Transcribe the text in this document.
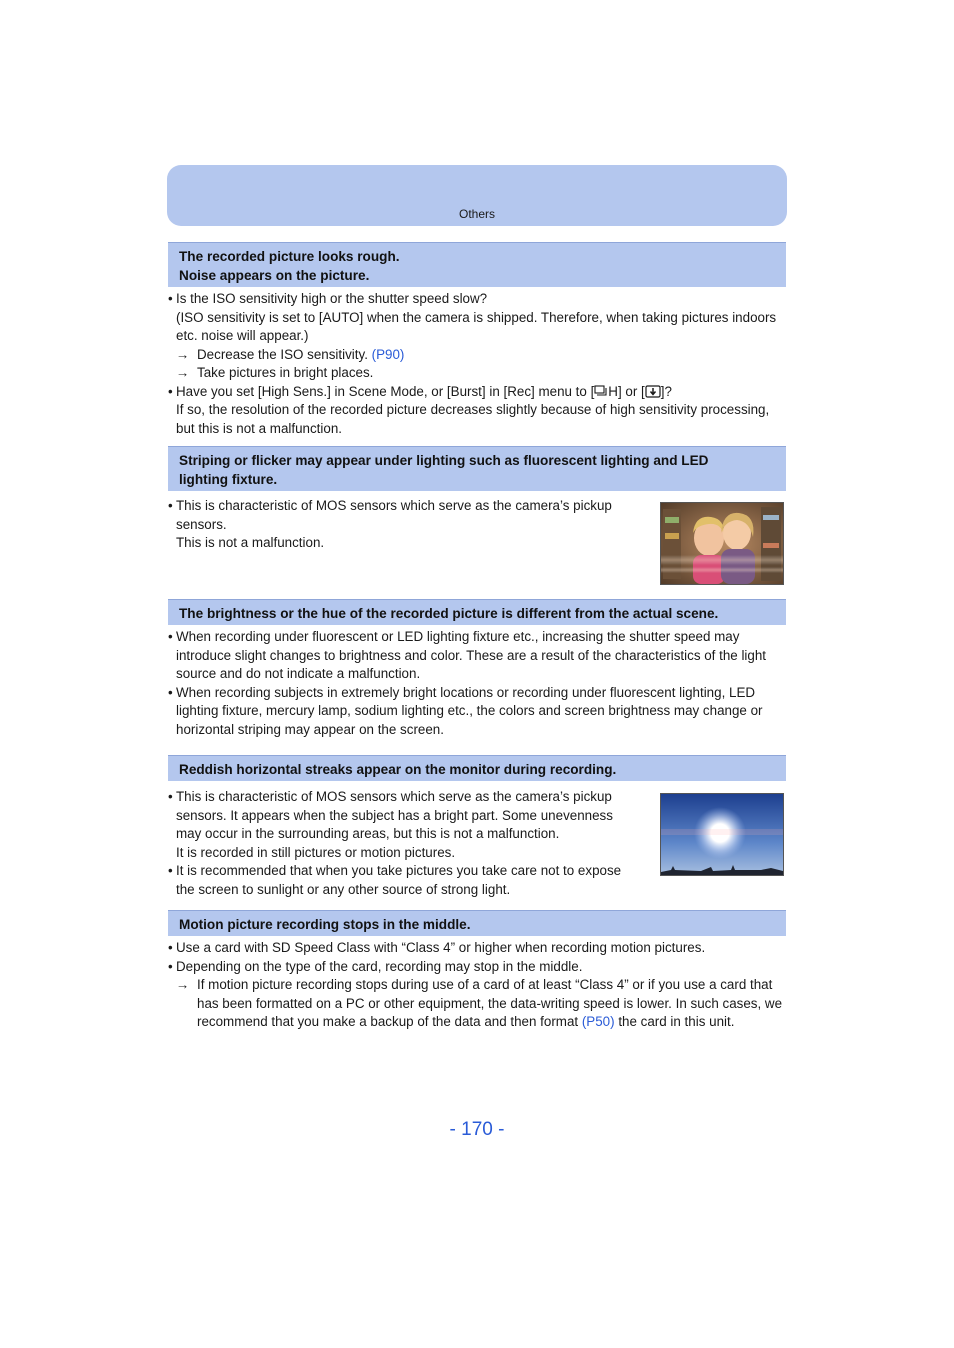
Others
The recorded picture looks rough.
Noise appears on the picture.
• Is the ISO sensitivity high or the shutter speed slow?
(ISO sensitivity is set to [AUTO] when the camera is shipped. Therefore, when taking pictures indoors etc. noise will appear.)
→ Decrease the ISO sensitivity. (P90)
→ Take pictures in bright places.
• Have you set [High Sens.] in Scene Mode, or [Burst] in [Rec] menu to [ H] or [ ]?
If so, the resolution of the recorded picture decreases slightly because of high sensitivity processing, but this is not a malfunction.
Striping or flicker may appear under lighting such as fluorescent lighting and LED
lighting fixture.
• This is characteristic of MOS sensors which serve as the camera’s pickup
sensors.
This is not a malfunction.
The brightness or the hue of the recorded picture is different from the actual scene.
• When recording under fluorescent or LED lighting fixture etc., increasing the shutter speed may introduce slight changes to brightness and color. These are a result of the characteristics of the light source and do not indicate a malfunction.
• When recording subjects in extremely bright locations or recording under fluorescent lighting, LED lighting fixture, mercury lamp, sodium lighting etc., the colors and screen brightness may change or horizontal striping may appear on the screen.
Reddish horizontal streaks appear on the monitor during recording.
• This is characteristic of MOS sensors which serve as the camera’s pickup
sensors. It appears when the subject has a bright part. Some unevenness
may occur in the surrounding areas, but this is not a malfunction.
It is recorded in still pictures or motion pictures.
• It is recommended that when you take pictures you take care not to expose
the screen to sunlight or any other source of strong light.
Motion picture recording stops in the middle.
• Use a card with SD Speed Class with “Class 4” or higher when recording motion pictures.
• Depending on the type of the card, recording may stop in the middle.
→ If motion picture recording stops during use of a card of at least “Class 4” or if you use a card that has been formatted on a PC or other equipment, the data-writing speed is lower. In such cases, we recommend that you make a backup of the data and then format (P50) the card in this unit.
- 170 -
